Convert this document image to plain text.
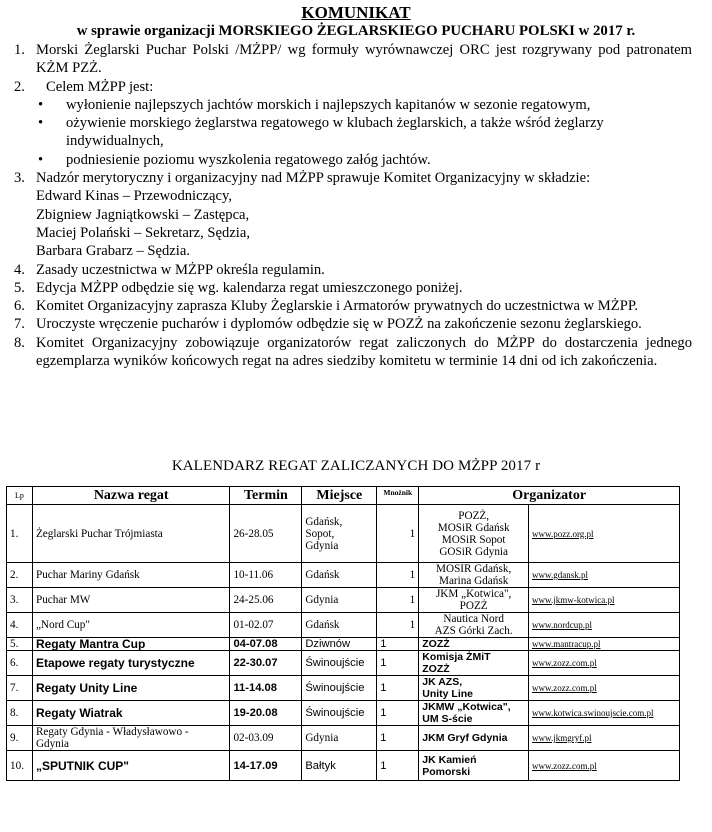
KOMUNIKAT
w sprawie organizacji MORSKIEGO ŻEGLARSKIEGO PUCHARU POLSKI w 2017 r.
1. Morski Żeglarski Puchar Polski /MŻPP/ wg formuły wyrównawczej ORC jest rozgrywany pod patronatem KŻM PZŻ.
2. Celem MŻPP jest:
• wyłonienie najlepszych jachtów morskich i najlepszych kapitanów w sezonie regatowym,
• ożywienie morskiego żeglarstwa regatowego w klubach żeglarskich, a także wśród żeglarzy indywidualnych,
• podniesienie poziomu wyszkolenia regatowego załóg jachtów.
3. Nadzór merytoryczny i organizacyjny nad MŻPP sprawuje Komitet Organizacyjny w składzie:
Edward Kinas – Przewodniczący,
Zbigniew Jagniątkowski – Zastępca,
Maciej Polański – Sekretarz, Sędzia,
Barbara Grabarz – Sędzia.
4. Zasady uczestnictwa w MŻPP określa regulamin.
5. Edycja MŻPP odbędzie się wg. kalendarza regat umieszczonego poniżej.
6. Komitet Organizacyjny zaprasza Kluby Żeglarskie i Armatorów prywatnych do uczestnictwa w MŻPP.
7. Uroczyste wręczenie pucharów i dyplomów odbędzie się w POZŻ na zakończenie sezonu żeglarskiego.
8. Komitet Organizacyjny zobowiązuje organizatorów regat zaliczonych do MŻPP do dostarczenia jednego egzemplarza wyników końcowych regat na adres siedziby komitetu w terminie 14 dni od ich zakończenia.
KALENDARZ REGAT ZALICZANYCH DO MŻPP 2017 r
Lp	Nazwa regat	Termin	Miejsce	Mnożnik	Organizator	
1.	Żeglarski Puchar Trójmiasta	26-28.05	Gdańsk,
Sopot,
Gdynia	1	POZŻ,
MOSiR Gdańsk
MOSiR Sopot
GOSiR Gdynia	www.pozz.org.pl
2.	Puchar Mariny Gdańsk	10-11.06	Gdańsk	1	MOSIR Gdańsk,
Marina Gdańsk	www.gdansk.pl
3.	Puchar MW	24-25.06	Gdynia	1	JKM „Kotwica",
POZŻ	www.jkmw-kotwica.pl
4.	„Nord Cup"	01-02.07	Gdańsk	1	Nautica Nord
AZS Górki Zach.	www.nordcup.pl
5.	Regaty Mantra Cup	04-07.08	Dziwnów	1	ZOZŻ	www.mantracup.pl
6.	Etapowe regaty turystyczne	22-30.07	Świnoujście	1	Komisja ŻMiT
ZOZŻ	www.zozz.com.pl
7.	Regaty Unity Line	11-14.08	Świnoujście	1	JK AZS,
Unity Line	www.zozz.com.pl
8.	Regaty Wiatrak	19-20.08	Świnoujście	1	JKMW „Kotwica",
UM S-ście	www.kotwica.swinoujscie.com.pl
9.	Regaty Gdynia - Władysławowo -
Gdynia	02-03.09	Gdynia	1	JKM Gryf Gdynia	www.jkmgryf.pl
10.	„SPUTNIK CUP"	14-17.09	Bałtyk	1	JK Kamień
Pomorski	www.zozz.com.pl
